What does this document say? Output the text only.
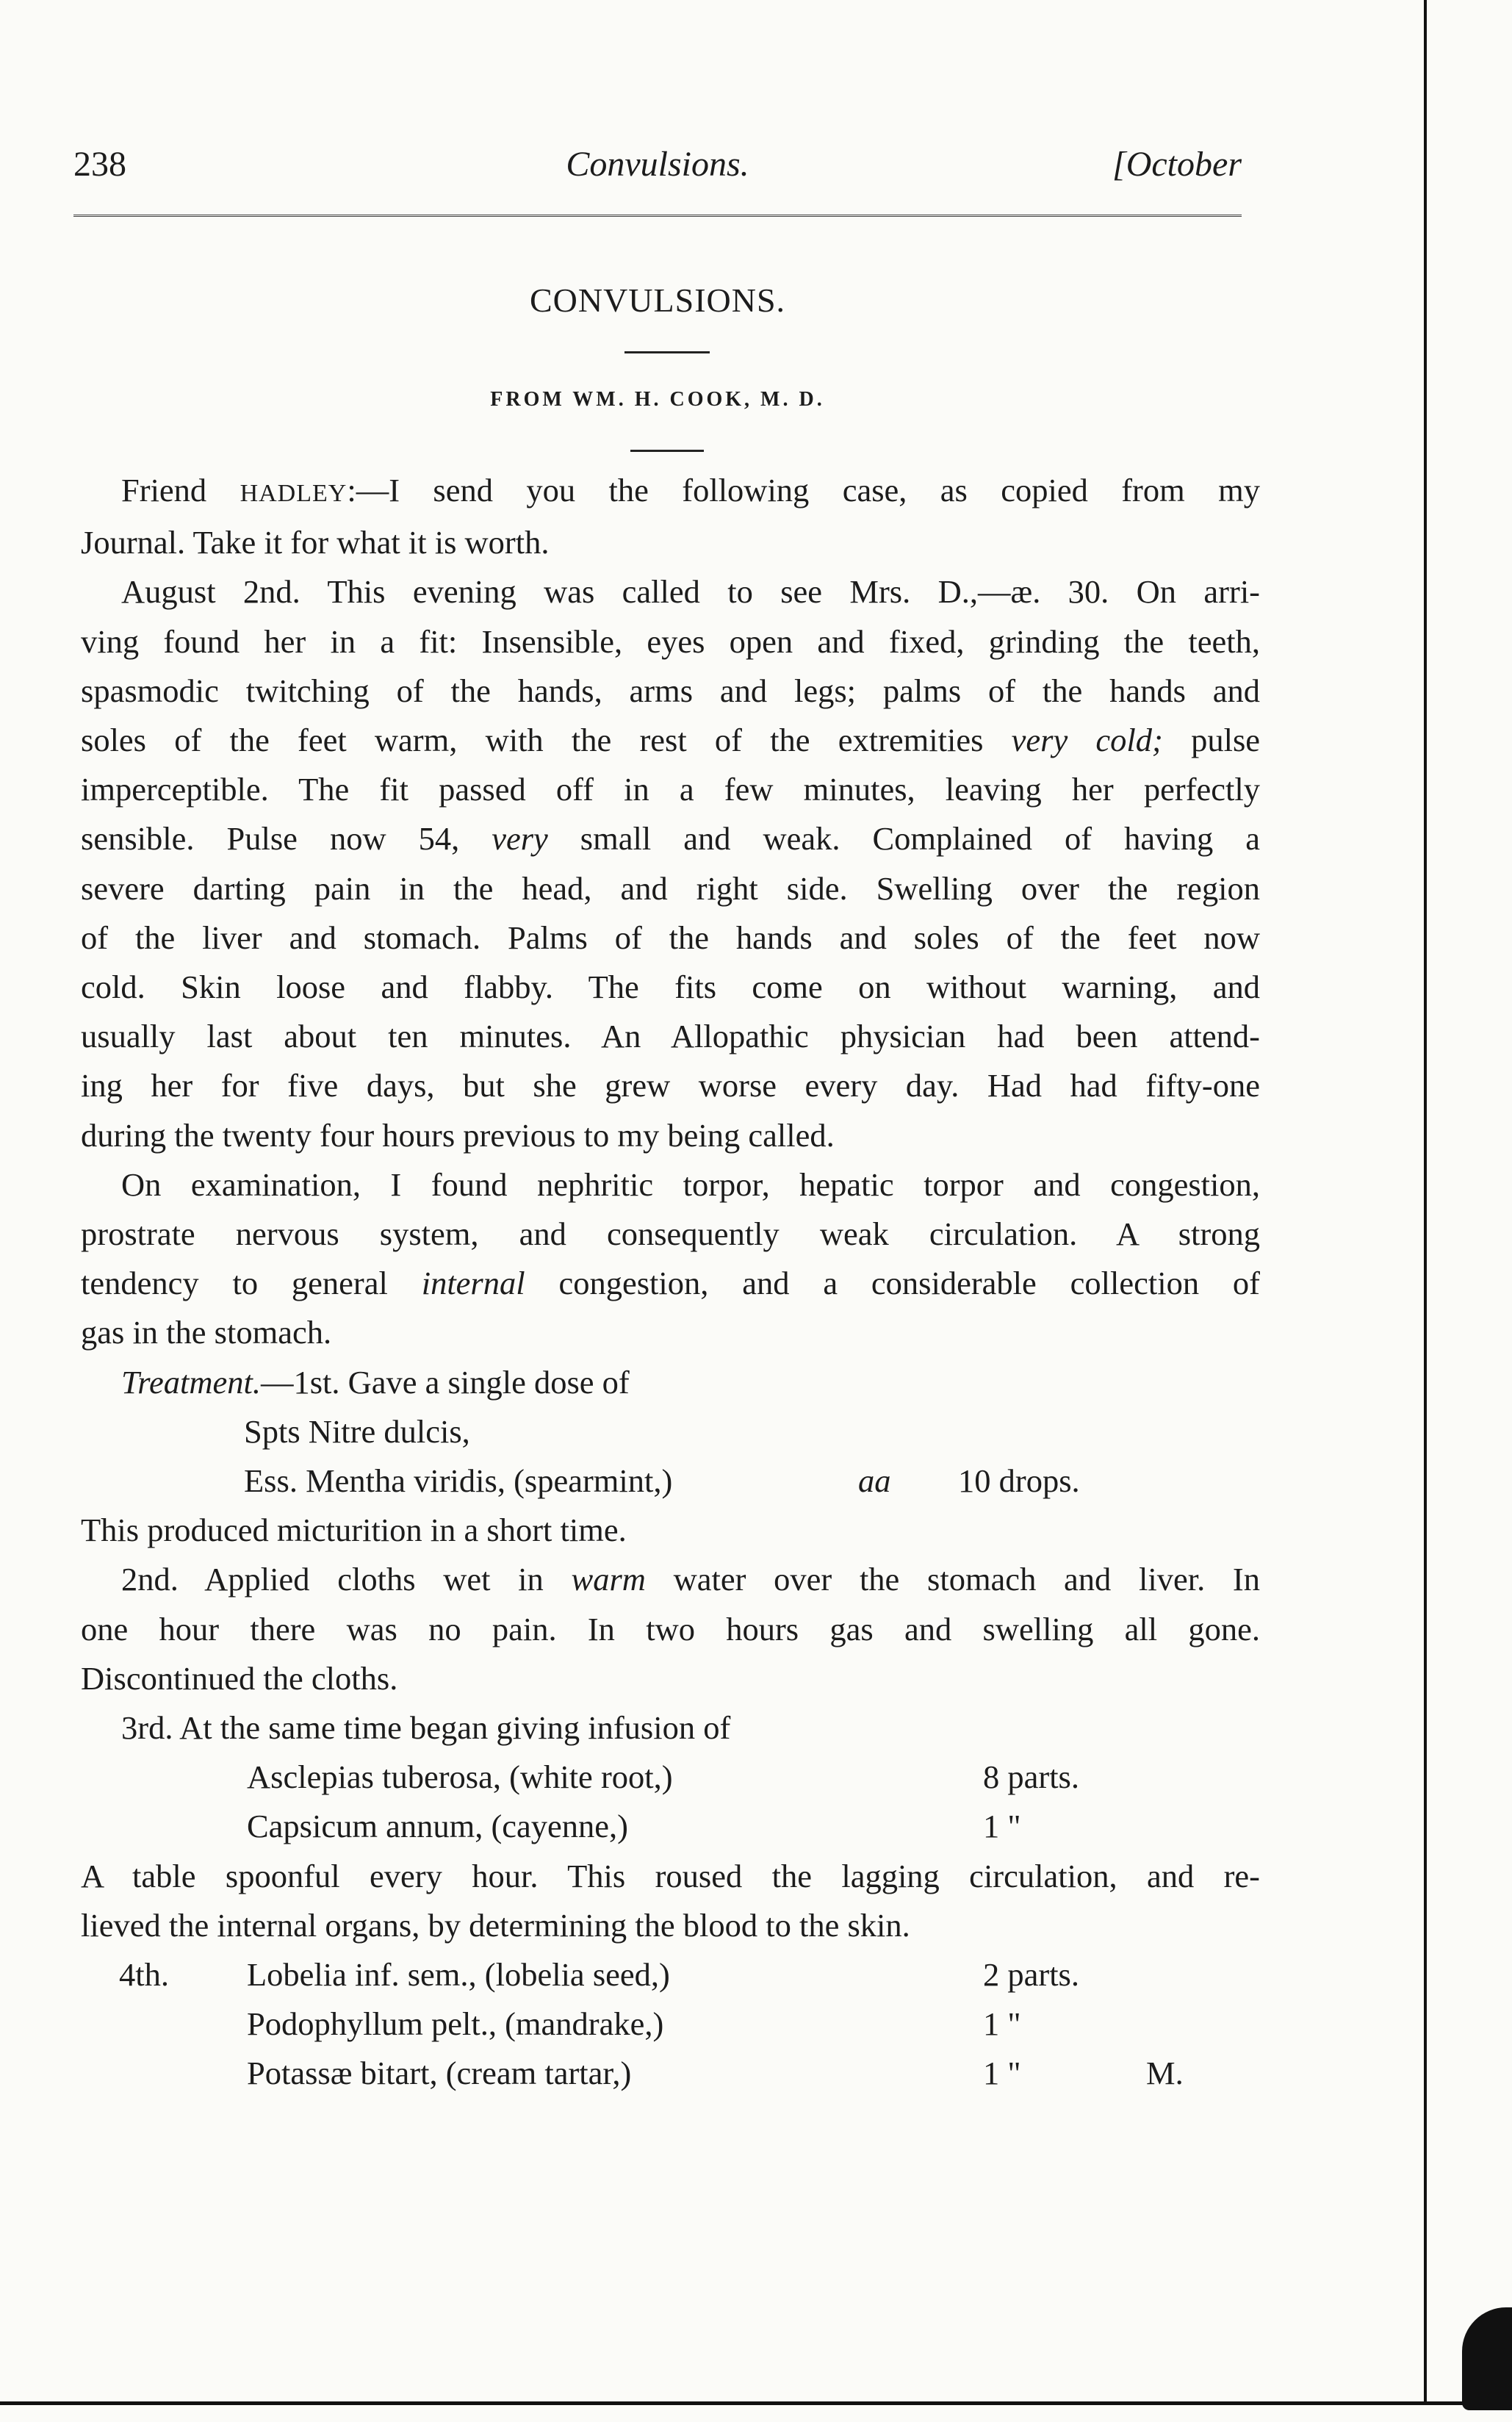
238	Convulsions.	[October
CONVULSIONS.
FROM WM. H. COOK, M. D.

Friend HADLEY:—I send you the following case, as copied from my

Journal. Take it for what it is worth.

August 2nd. This evening was called to see Mrs. D.,—æ. 30. On arri-

ving found her in a fit: Insensible, eyes open and fixed, grinding the teeth,

spasmodic twitching of the hands, arms and legs; palms of the hands and

soles of the feet warm, with the rest of the extremities very cold; pulse

imperceptible. The fit passed off in a few minutes, leaving her perfectly

sensible. Pulse now 54, very small and weak. Complained of having a

severe darting pain in the head, and right side. Swelling over the region

of the liver and stomach. Palms of the hands and soles of the feet now

cold. Skin loose and flabby. The fits come on without warning, and

usually last about ten minutes. An Allopathic physician had been attend-

ing her for five days, but she grew worse every day. Had had fifty-one

during the twenty four hours previous to my being called.

On examination, I found nephritic torpor, hepatic torpor and congestion,

prostrate nervous system, and consequently weak circulation. A strong

tendency to general internal congestion, and a considerable collection of

gas in the stomach.

Treatment.—1st. Gave a single dose of

Spts Nitre dulcis,
Ess. Mentha viridis, (spearmint,)	aa 10 drops.

This produced micturition in a short time.

2nd. Applied cloths wet in warm water over the stomach and liver. In

one hour there was no pain. In two hours gas and swelling all gone.

Discontinued the cloths.

3rd. At the same time began giving infusion of

Asclepias tuberosa, (white root,)	8 parts.
Capsicum annum, (cayenne,)	1 "

A table spoonful every hour. This roused the lagging circulation, and re-

lieved the internal organs, by determining the blood to the skin.

4th. Lobelia inf. sem., (lobelia seed,)	2 parts.
Podophyllum pelt., (mandrake,)	1 "
Potassæ bitart, (cream tartar,)	1 "	M.
